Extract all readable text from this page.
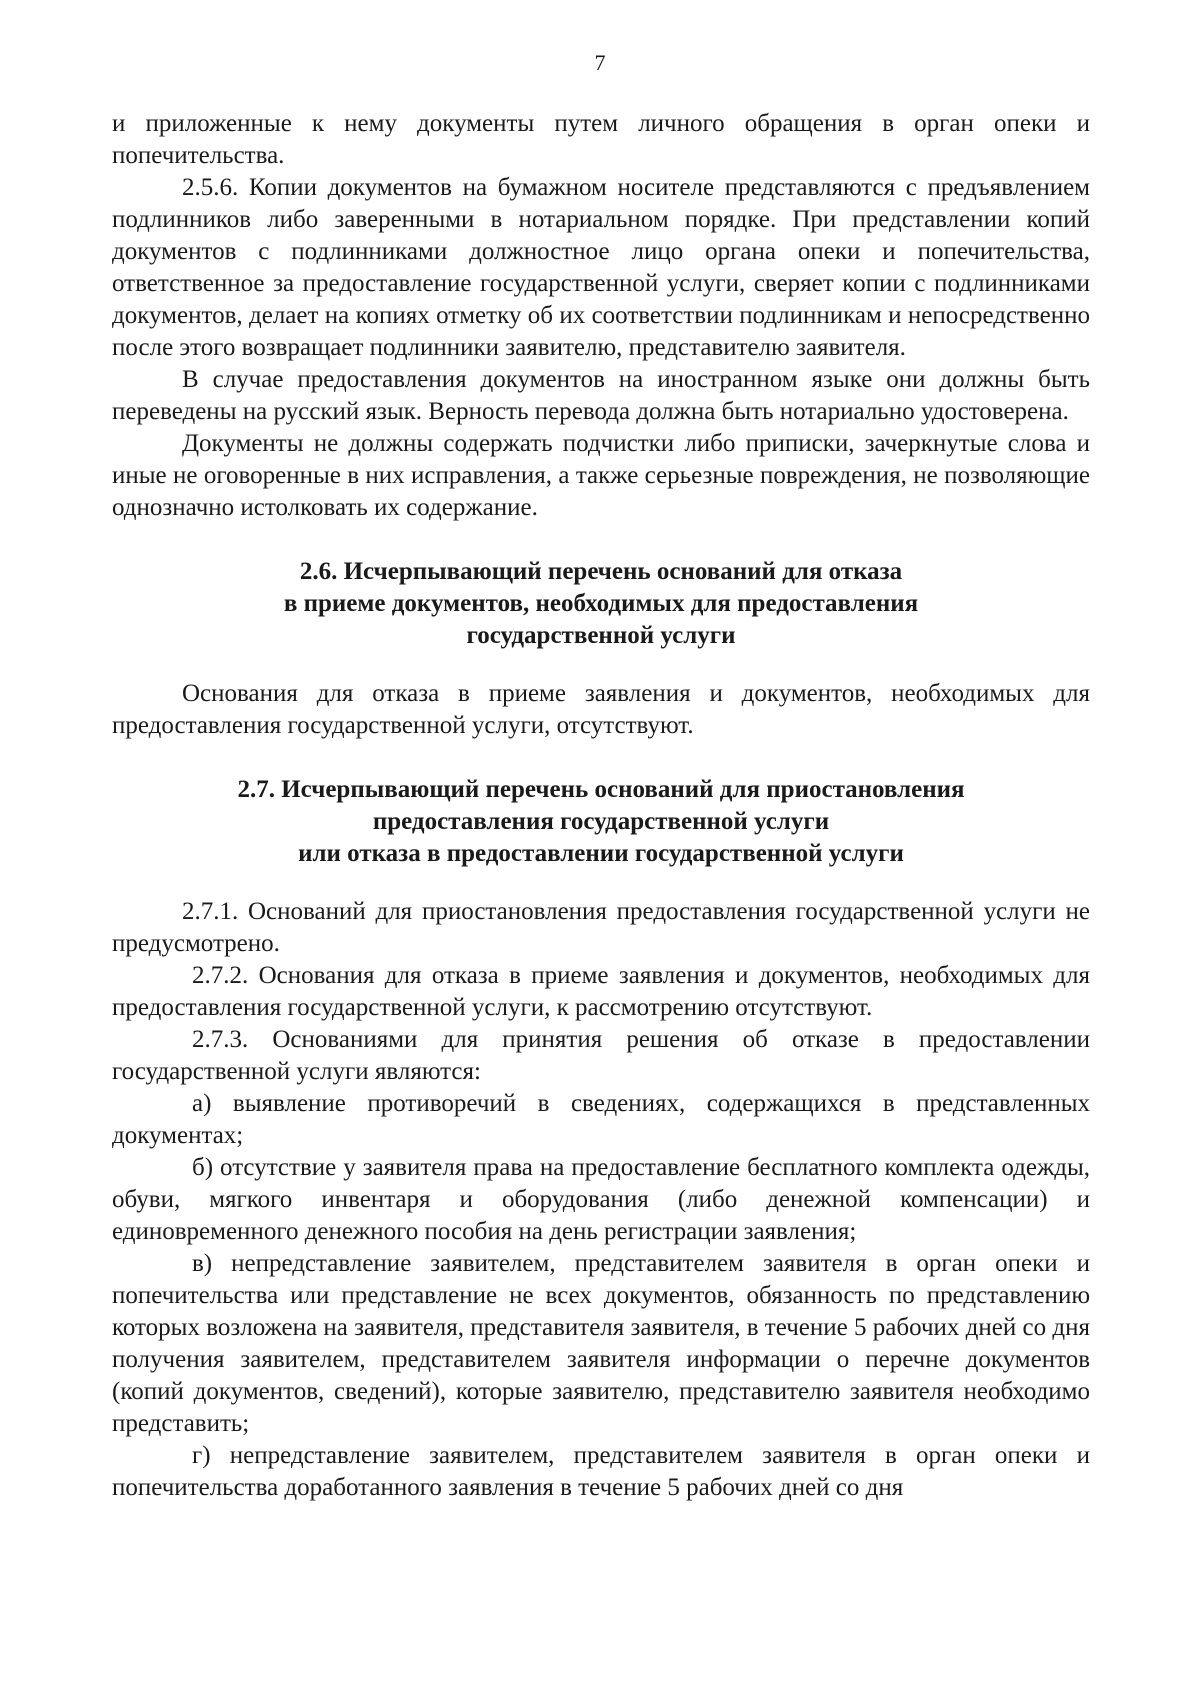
7

и приложенные к нему документы путем личного обращения в орган опеки и попечительства.

2.5.6. Копии документов на бумажном носителе представляются с предъявлением подлинников либо заверенными в нотариальном порядке. При представлении копий документов с подлинниками должностное лицо органа опеки и попечительства, ответственное за предоставление государственной услуги, сверяет копии с подлинниками документов, делает на копиях отметку об их соответствии подлинникам и непосредственно после этого возвращает подлинники заявителю, представителю заявителя.

В случае предоставления документов на иностранном языке они должны быть переведены на русский язык. Верность перевода должна быть нотариально удостоверена.

Документы не должны содержать подчистки либо приписки, зачеркнутые слова и иные не оговоренные в них исправления, а также серьезные повреждения, не позволяющие однозначно истолковать их содержание.

2.6. Исчерпывающий перечень оснований для отказа
в приеме документов, необходимых для предоставления
государственной услуги

Основания для отказа в приеме заявления и документов, необходимых для предоставления государственной услуги, отсутствуют.

2.7. Исчерпывающий перечень оснований для приостановления
предоставления государственной услуги
или отказа в предоставлении государственной услуги

2.7.1. Оснований для приостановления предоставления государственной услуги не предусмотрено.

2.7.2. Основания для отказа в приеме заявления и документов, необходимых для предоставления государственной услуги, к рассмотрению отсутствуют.

2.7.3. Основаниями для принятия решения об отказе в предоставлении государственной услуги являются:

а) выявление противоречий в сведениях, содержащихся в представленных документах;

б) отсутствие у заявителя права на предоставление бесплатного комплекта одежды, обуви, мягкого инвентаря и оборудования (либо денежной компенсации) и единовременного денежного пособия на день регистрации заявления;

в) непредставление заявителем, представителем заявителя в орган опеки и попечительства или представление не всех документов, обязанность по представлению которых возложена на заявителя, представителя заявителя, в течение 5 рабочих дней со дня получения заявителем, представителем заявителя информации о перечне документов (копий документов, сведений), которые заявителю, представителю заявителя необходимо представить;

г) непредставление заявителем, представителем заявителя в орган опеки и попечительства доработанного заявления в течение 5 рабочих дней со дня
